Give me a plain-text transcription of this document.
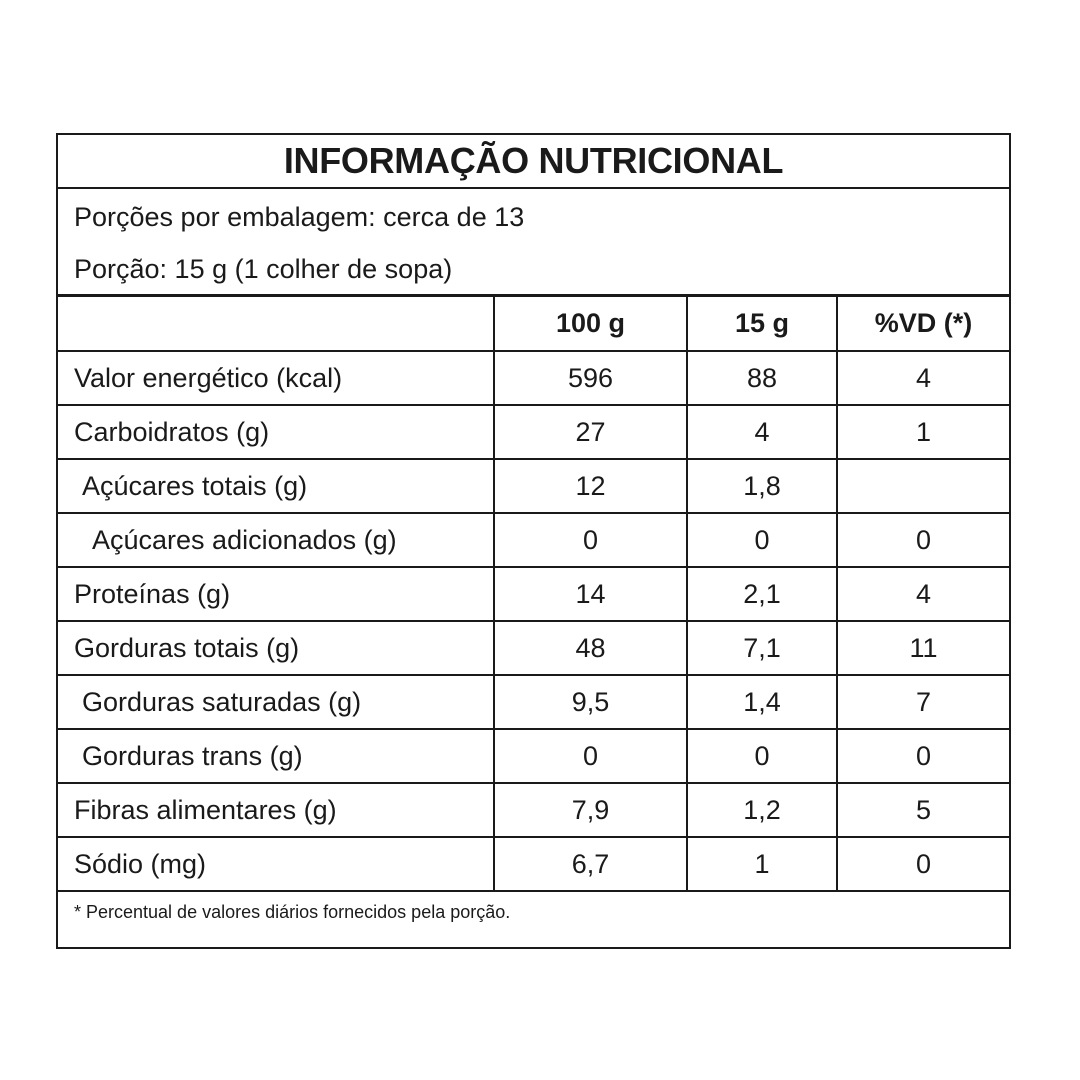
INFORMAÇÃO NUTRICIONAL
Porções por embalagem: cerca de 13
Porção: 15 g (1 colher de sopa)
	100 g	15 g	%VD (*)
Valor energético (kcal)	596	88	4
Carboidratos (g)	27	4	1
Açúcares totais (g)	12	1,8	
Açúcares adicionados (g)	0	0	0
Proteínas (g)	14	2,1	4
Gorduras totais (g)	48	7,1	11
Gorduras saturadas (g)	9,5	1,4	7
Gorduras trans (g)	0	0	0
Fibras alimentares (g)	7,9	1,2	5
Sódio (mg)	6,7	1	0
* Percentual de valores diários fornecidos pela porção.
